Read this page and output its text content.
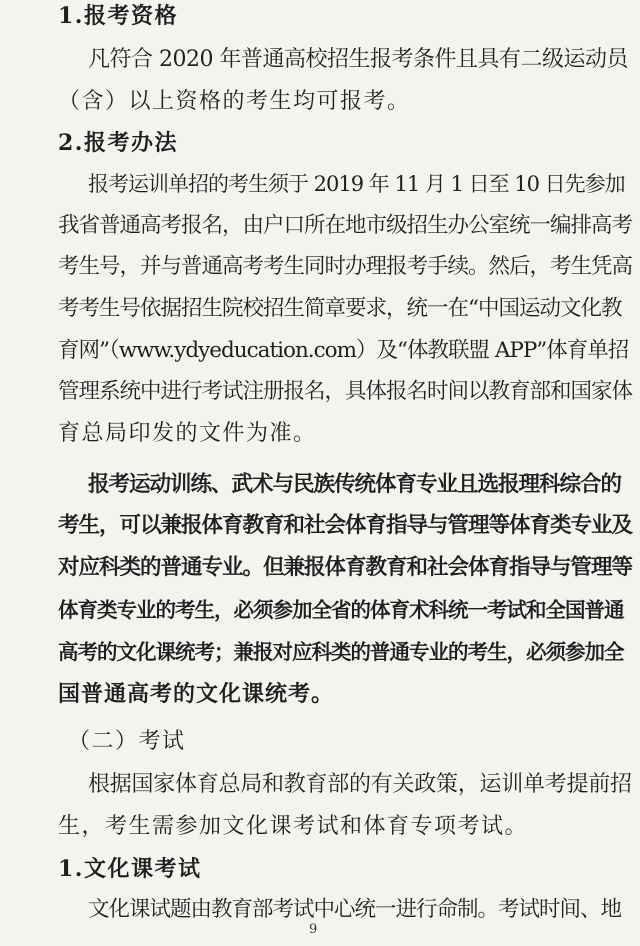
1.报考资格
凡符合 2020 年普通高校招生报考条件且具有二级运动员
（含）以上资格的考生均可报考。
2.报考办法
报考运训单招的考生须于 2019 年 11 月 1 日至 10 日先参加
我省普通高考报名，由户口所在地市级招生办公室统一编排高考
考生号，并与普通高考考生同时办理报考手续。然后，考生凭高
考考生号依据招生院校招生简章要求，统一在“中国运动文化教
育网”（www.ydyeducation.com）及“体教联盟 APP”体育单招
管理系统中进行考试注册报名，具体报名时间以教育部和国家体
育总局印发的文件为准。
报考运动训练、武术与民族传统体育专业且选报理科综合的
考生，可以兼报体育教育和社会体育指导与管理等体育类专业及
对应科类的普通专业。但兼报体育教育和社会体育指导与管理等
体育类专业的考生，必须参加全省的体育术科统一考试和全国普通
高考的文化课统考；兼报对应科类的普通专业的考生，必须参加全
国普通高考的文化课统考。
（二）考试
根据国家体育总局和教育部的有关政策，运训单考提前招
生，考生需参加文化课考试和体育专项考试。
1.文化课考试
文化课试题由教育部考试中心统一进行命制。考试时间、地
9
